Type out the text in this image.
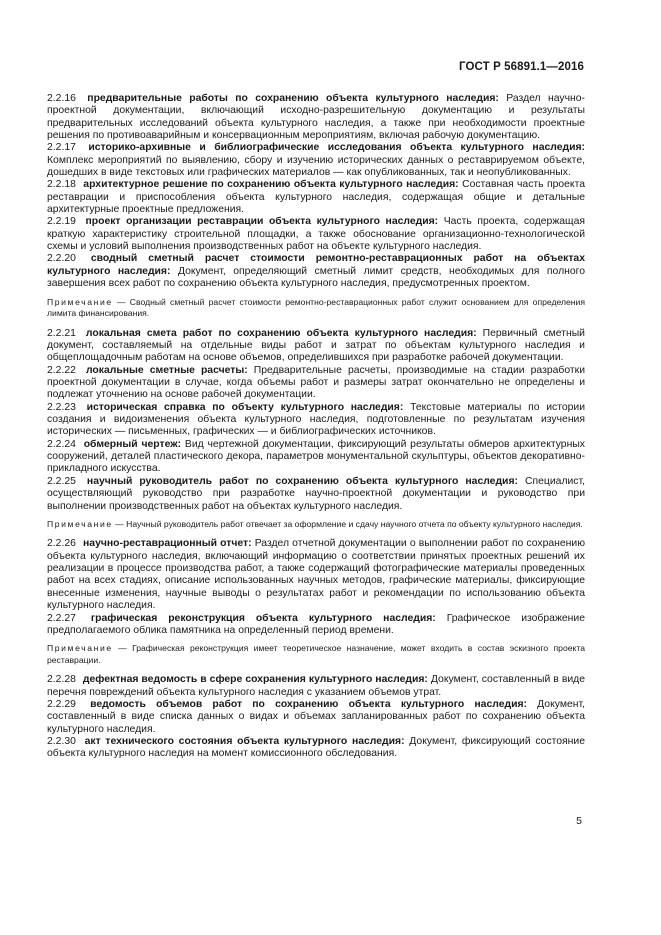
ГОСТ Р 56891.1—2016

2.2.16 предварительные работы по сохранению объекта культурного наследия: Раздел научно-проектной документации, включающий исходно-разрешительную документацию и результаты предварительных исследований объекта культурного наследия, а также при необходимости проектные решения по противоаварийным и консервационным мероприятиям, включая рабочую документацию.

2.2.17 историко-архивные и библиографические исследования объекта культурного наследия: Комплекс мероприятий по выявлению, сбору и изучению исторических данных о реставрируемом объекте, дошедших в виде текстовых или графических материалов — как опубликованных, так и неопубликованных.

2.2.18 архитектурное решение по сохранению объекта культурного наследия: Составная часть проекта реставрации и приспособления объекта культурного наследия, содержащая общие и детальные архитектурные проектные предложения.

2.2.19 проект организации реставрации объекта культурного наследия: Часть проекта, содержащая краткую характеристику строительной площадки, а также обоснование организационно-технологической схемы и условий выполнения производственных работ на объекте культурного наследия.

2.2.20 сводный сметный расчет стоимости ремонтно-реставрационных работ на объектах культурного наследия: Документ, определяющий сметный лимит средств, необходимых для полного завершения всех работ по сохранению объекта культурного наследия, предусмотренных проектом.

Примечание — Сводный сметный расчет стоимости ремонтно-реставрационных работ служит основанием для определения лимита финансирования.

2.2.21 локальная смета работ по сохранению объекта культурного наследия: Первичный сметный документ, составляемый на отдельные виды работ и затрат по объектам культурного наследия и общеплощадочным работам на основе объемов, определившихся при разработке рабочей документации.

2.2.22 локальные сметные расчеты: Предварительные расчеты, производимые на стадии разработки проектной документации в случае, когда объемы работ и размеры затрат окончательно не определены и подлежат уточнению на основе рабочей документации.

2.2.23 историческая справка по объекту культурного наследия: Текстовые материалы по истории создания и видоизменения объекта культурного наследия, подготовленные по результатам изучения исторических — письменных, графических — и библиографических источников.

2.2.24 обмерный чертеж: Вид чертежной документации, фиксирующий результаты обмеров архитектурных сооружений, деталей пластического декора, параметров монументальной скульптуры, объектов декоративно-прикладного искусства.

2.2.25 научный руководитель работ по сохранению объекта культурного наследия: Специалист, осуществляющий руководство при разработке научно-проектной документации и руководство при выполнении производственных работ на объектах культурного наследия.

Примечание — Научный руководитель работ отвечает за оформление и сдачу научного отчета по объекту культурного наследия.

2.2.26 научно-реставрационный отчет: Раздел отчетной документации о выполнении работ по сохранению объекта культурного наследия, включающий информацию о соответствии принятых проектных решений их реализации в процессе производства работ, а также содержащий фотографические материалы проведенных работ на всех стадиях, описание использованных научных методов, графические материалы, фиксирующие внесенные изменения, научные выводы о результатах работ и рекомендации по использованию объекта культурного наследия.

2.2.27 графическая реконструкция объекта культурного наследия: Графическое изображение предполагаемого облика памятника на определенный период времени.

Примечание — Графическая реконструкция имеет теоретическое назначение, может входить в состав эскизного проекта реставрации.

2.2.28 дефектная ведомость в сфере сохранения культурного наследия: Документ, составленный в виде перечня повреждений объекта культурного наследия с указанием объемов утрат.

2.2.29 ведомость объемов работ по сохранению объекта культурного наследия: Документ, составленный в виде списка данных о видах и объемах запланированных работ по сохранению объекта культурного наследия.

2.2.30 акт технического состояния объекта культурного наследия: Документ, фиксирующий состояние объекта культурного наследия на момент комиссионного обследования.

5
